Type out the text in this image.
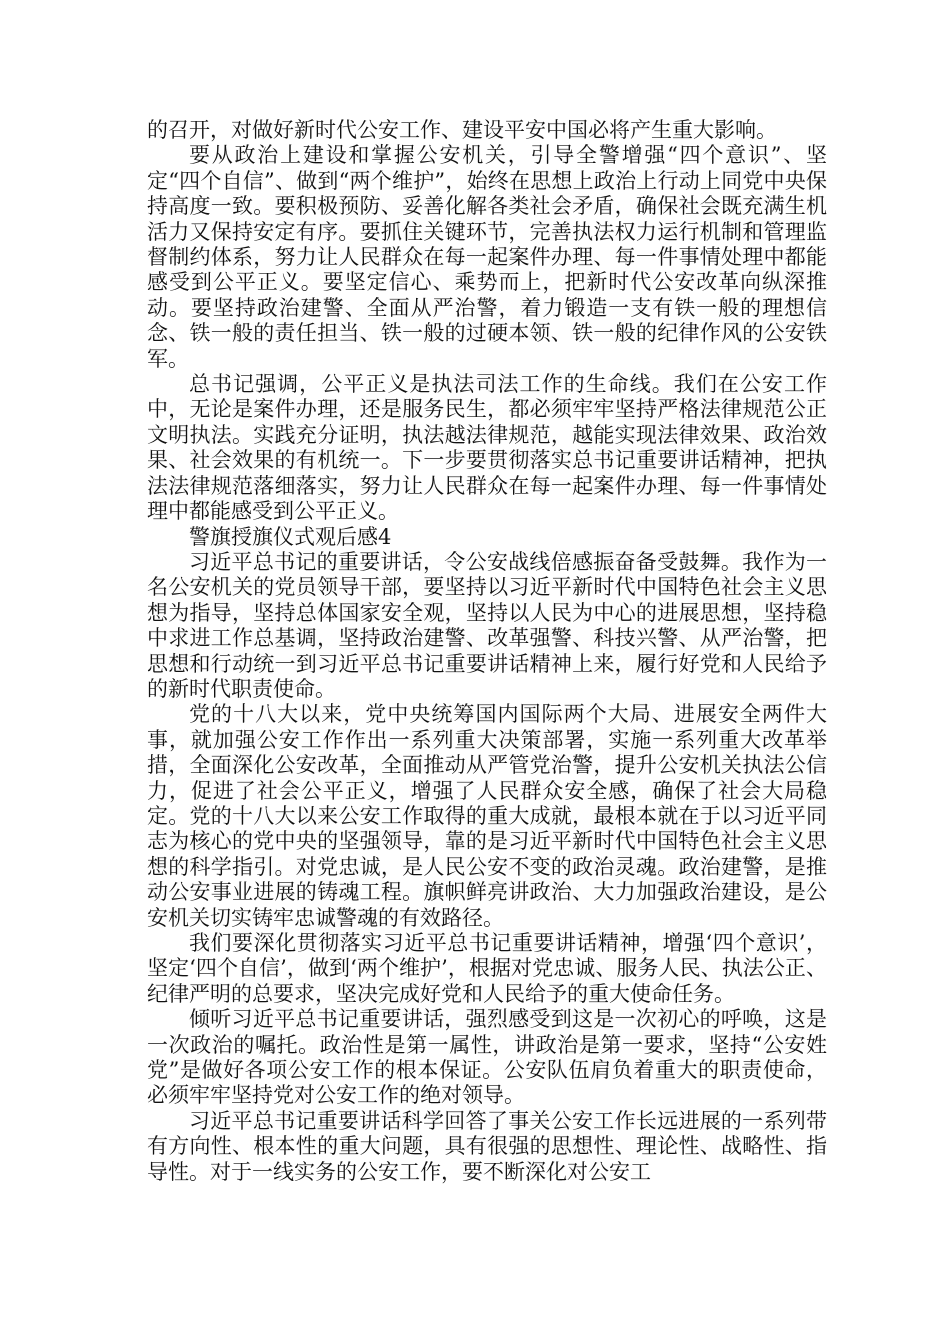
的召开，对做好新时代公安工作、建设平安中国必将产生重大影响。

要从政治上建设和掌握公安机关，引导全警增强“四个意识”、坚定“四个自信”、做到“两个维护”，始终在思想上政治上行动上同党中央保持高度一致。要积极预防、妥善化解各类社会矛盾，确保社会既充满生机活力又保持安定有序。要抓住关键环节，完善执法权力运行机制和管理监督制约体系，努力让人民群众在每一起案件办理、每一件事情处理中都能感受到公平正义。要坚定信心、乘势而上，把新时代公安改革向纵深推动。要坚持政治建警、全面从严治警，着力锻造一支有铁一般的理想信念、铁一般的责任担当、铁一般的过硬本领、铁一般的纪律作风的公安铁军。

总书记强调，公平正义是执法司法工作的生命线。我们在公安工作中，无论是案件办理，还是服务民生，都必须牢牢坚持严格法律规范公正文明执法。实践充分证明，执法越法律规范，越能实现法律效果、政治效果、社会效果的有机统一。下一步要贯彻落实总书记重要讲话精神，把执法法律规范落细落实，努力让人民群众在每一起案件办理、每一件事情处理中都能感受到公平正义。

警旗授旗仪式观后感4

习近平总书记的重要讲话，令公安战线倍感振奋备受鼓舞。我作为一名公安机关的党员领导干部，要坚持以习近平新时代中国特色社会主义思想为指导，坚持总体国家安全观，坚持以人民为中心的进展思想，坚持稳中求进工作总基调，坚持政治建警、改革强警、科技兴警、从严治警，把思想和行动统一到习近平总书记重要讲话精神上来，履行好党和人民给予的新时代职责使命。

党的十八大以来，党中央统筹国内国际两个大局、进展安全两件大事，就加强公安工作作出一系列重大决策部署，实施一系列重大改革举措，全面深化公安改革，全面推动从严管党治警，提升公安机关执法公信力，促进了社会公平正义，增强了人民群众安全感，确保了社会大局稳定。党的十八大以来公安工作取得的重大成就，最根本就在于以习近平同志为核心的党中央的坚强领导，靠的是习近平新时代中国特色社会主义思想的科学指引。对党忠诚，是人民公安不变的政治灵魂。政治建警，是推动公安事业进展的铸魂工程。旗帜鲜亮讲政治、大力加强政治建设，是公安机关切实铸牢忠诚警魂的有效路径。

我们要深化贯彻落实习近平总书记重要讲话精神，增强‘四个意识’，坚定‘四个自信’，做到‘两个维护’，根据对党忠诚、服务人民、执法公正、纪律严明的总要求，坚决完成好党和人民给予的重大使命任务。

倾听习近平总书记重要讲话，强烈感受到这是一次初心的呼唤，这是一次政治的嘱托。政治性是第一属性，讲政治是第一要求，坚持“公安姓党”是做好各项公安工作的根本保证。公安队伍肩负着重大的职责使命，必须牢牢坚持党对公安工作的绝对领导。

习近平总书记重要讲话科学回答了事关公安工作长远进展的一系列带有方向性、根本性的重大问题，具有很强的思想性、理论性、战略性、指导性。对于一线实务的公安工作，要不断深化对公安工
